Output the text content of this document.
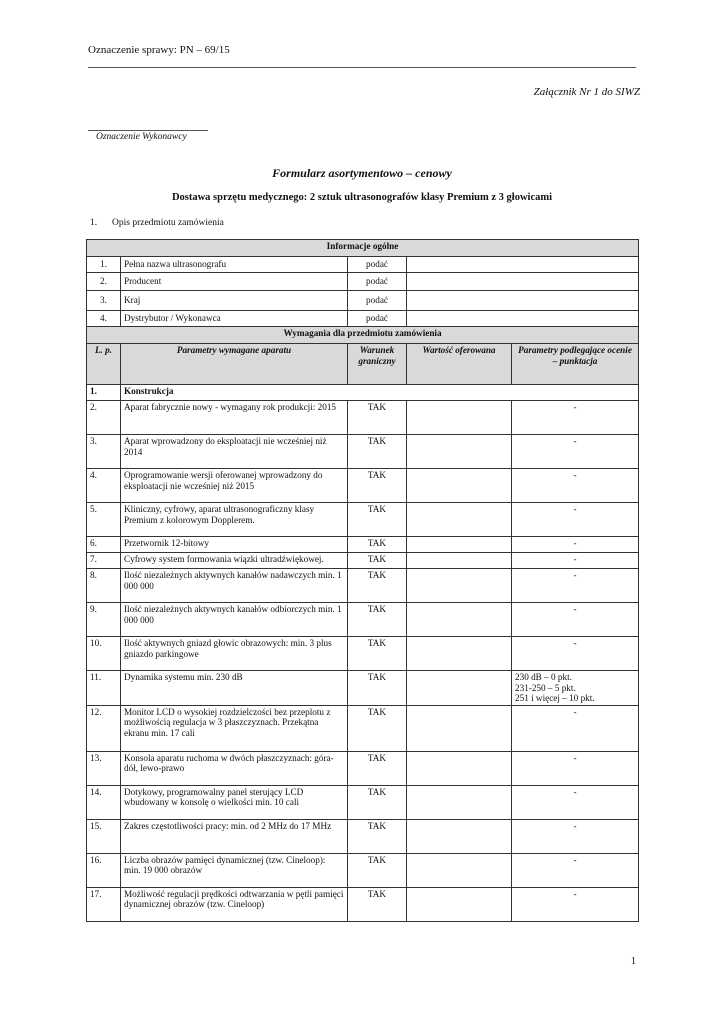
Oznaczenie sprawy: PN – 69/15
Załącznik Nr 1 do SIWZ
Oznaczenie Wykonawcy
Formularz asortymentowo – cenowy
Dostawa sprzętu medycznego: 2 sztuk ultrasonografów klasy Premium z 3 głowicami
1. Opis przedmiotu zamówienia
Informacje ogólne				
1.	Pełna nazwa ultrasonografu	podać		
2.	Producent	podać		
3.	Kraj	podać		
4.	Dystrybutor / Wykonawca	podać		
Wymagania dla przedmiotu zamówienia				
L. p.	Parametry wymagane aparatu	Warunek graniczny	Wartość oferowana	Parametry podlegające ocenie – punktacja
1.	Konstrukcja			
2.	Aparat fabrycznie nowy - wymagany rok produkcji: 2015	TAK		-
3.	Aparat wprowadzony do eksploatacji nie wcześniej niż 2014	TAK		-
4.	Oprogramowanie wersji oferowanej wprowadzony do eksploatacji nie wcześniej niż 2015	TAK		-
5.	Kliniczny, cyfrowy, aparat ultrasonograficzny klasy Premium z kolorowym Dopplerem.	TAK		-
6.	Przetwornik 12-bitowy	TAK		-
7.	Cyfrowy system formowania wiązki ultradźwiękowej.	TAK		-
8.	Ilość niezależnych aktywnych kanałów nadawczych min. 1 000 000	TAK		-
9.	Ilość niezależnych aktywnych kanałów odbiorczych min. 1 000 000	TAK		-
10.	Ilość aktywnych gniazd głowic obrazowych: min. 3 plus gniazdo parkingowe	TAK		-
11.	Dynamika systemu min. 230 dB	TAK		230 dB – 0 pkt.
231-250 – 5 pkt.
251 i więcej – 10 pkt.

12.	Monitor LCD o wysokiej rozdzielczości bez przeplotu z możliwością regulacja w 3 płaszczyznach. Przekątna ekranu min. 17 cali	TAK		-
13.	Konsola aparatu ruchoma w dwóch płaszczyznach: góra-dół, lewo-prawo	TAK		-
14.	Dotykowy, programowalny panel sterujący LCD wbudowany w konsolę o wielkości min. 10 cali	TAK		-
15.	Zakres częstotliwości pracy: min. od 2 MHz do 17 MHz	TAK		-
16.	Liczba obrazów pamięci dynamicznej (tzw. Cineloop): min. 19 000 obrazów	TAK		-
17.	Możliwość regulacji prędkości odtwarzania w pętli pamięci dynamicznej obrazów (tzw. Cineloop)	TAK		-
1
